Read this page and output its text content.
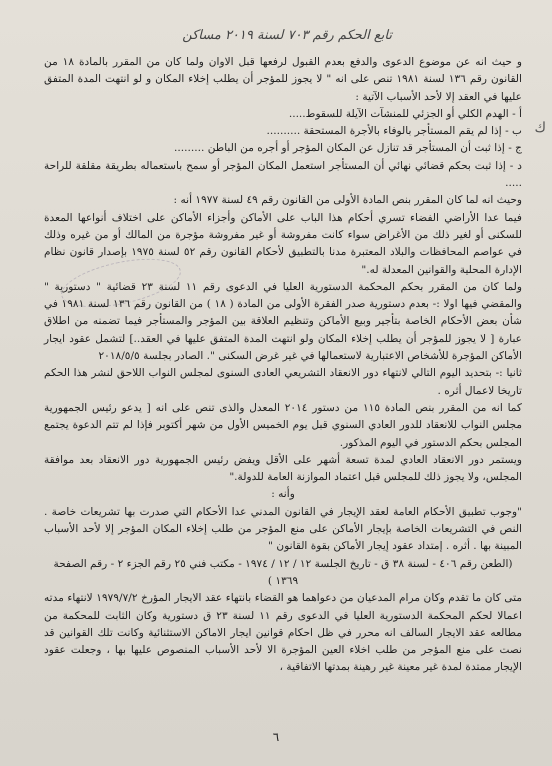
تابع الحكم رقم ٧٠٣ لسنة ٢٠١٩ مساكن
ك

و حيث انه عن موضوع الدعوى والدفع بعدم القبول لرفعها قبل الاوان ولما كان من المقرر بالمادة ١٨ من القانون رقم ١٣٦ لسنة ١٩٨١ تنص على انه " لا يجوز للمؤجر أن يطلب إخلاء المكان و لو انتهت المدة المتفق عليها في العقد إلا لأحد الأسباب الآتية :

أ - الهدم الكلي أو الجزئي للمنشآت الآيلة للسقوط.....

ب - إذا لم يقم المستأجر بالوفاء بالأجرة المستحقة ..........

ج - إذا ثبت أن المستأجر قد تنازل عن المكان المؤجر أو أجره من الباطن .........

د - إذا ثبت بحكم قضائي نهائي أن المستأجر استعمل المكان المؤجر أو سمح باستعماله بطريقة مقلقة للراحة .....

وحيث انه لما كان المقرر بنص المادة الأولى من القانون رقم ٤٩ لسنة ١٩٧٧ أنه :

فيما عدا الأراضي الفضاء تسري أحكام هذا الباب على الأماكن وأجزاء الأماكن على اختلاف أنواعها المعدة للسكنى أو لغير ذلك من الأغراض سواء كانت مفروشة أو غير مفروشة مؤجرة من المالك أو من غيره وذلك في عواصم المحافظات والبلاد المعتبرة مدنا بالتطبيق لأحكام القانون رقم ٥٢ لسنة ١٩٧٥ بإصدار قانون نظام الإدارة المحلية والقوانين المعدلة له."

ولما كان من المقرر بحكم المحكمة الدستورية العليا في الدعوى رقم ١١ لسنة ٢٣ قضائية " دستورية " والمقضي فيها اولا :- بعدم دستورية صدر الفقرة الأولى من المادة ( ١٨ ) من القانون رقم ١٣٦ لسنة ١٩٨١ في شأن بعض الأحكام الخاصة بتأجير وبيع الأماكن وتنظيم العلاقة بين المؤجر والمستأجر فيما تضمنه من اطلاق عبارة [ لا يجوز للمؤجر أن يطلب إخلاء المكان ولو انتهت المدة المتفق عليها في العقد..] لتشمل عقود ايجار الأماكن المؤجرة للأشخاص الاعتبارية لاستعمالها في غير غرض السكنى ". الصادر بجلسة ٢٠١٨/٥/٥

ثانيا :- بتحديد اليوم التالي لانتهاء دور الانعقاد التشريعي العادى السنوى لمجلس النواب اللاحق لنشر هذا الحكم تاريخا لاعمال أثره .

كما انه من المقرر بنص المادة ١١٥ من دستور ٢٠١٤ المعدل والذى تنص على انه [ يدعو رئيس الجمهورية مجلس النواب للانعقاد للدور العادي السنوي قبل يوم الخميس الأول من شهر أكتوبر فإذا لم تتم الدعوة يجتمع المجلس بحكم الدستور في اليوم المذكور.

ويستمر دور الانعقاد العادي لمدة تسعة أشهر على الأقل ويفض رئيس الجمهورية دور الانعقاد بعد موافقة المجلس، ولا يجوز ذلك للمجلس قبل اعتماد الموازنة العامة للدولة."

وأنه :

"وجوب تطبيق الأحكام العامة لعقد الإيجار في القانون المدني عدا الأحكام التي صدرت بها تشريعات خاصة . النص في التشريعات الخاصة بإيجار الأماكن على منع المؤجر من طلب إخلاء المكان المؤجر إلا لأحد الأسباب المبينة بها . أثره . إمتداد عقود إيجار الأماكن بقوة القانون "

(الطعن رقم ٤٠٦ - لسنة ٣٨ ق - تاريخ الجلسة ١٢ / ١٢ / ١٩٧٤ - مكتب فني ٢٥ رقم الجزء ٢ - رقم الصفحة ١٣٦٩ )

متى كان ما تقدم وكان مرام المدعيان من دعواهما هو القضاء بانتهاء عقد الايجار المؤرخ ١٩٧٩/٧/٢ لانتهاء مدته اعمالا لحكم المحكمة الدستورية العليا في الدعوى رقم ١١ لسنة ٢٣ ق دستورية وكان الثابت للمحكمة من مطالعه عقد الايجار السالف انه محرر في ظل احكام قوانين ايجار الاماكن الاستثنائية وكانت تلك القوانين قد نصت على منع المؤجر من طلب اخلاء العين المؤجرة الا لأحد الأسباب المنصوص عليها بها ، وجعلت عقود الإيجار ممتدة لمدة غير معينة غير رهينة بمدتها الاتفاقية ،

٦
